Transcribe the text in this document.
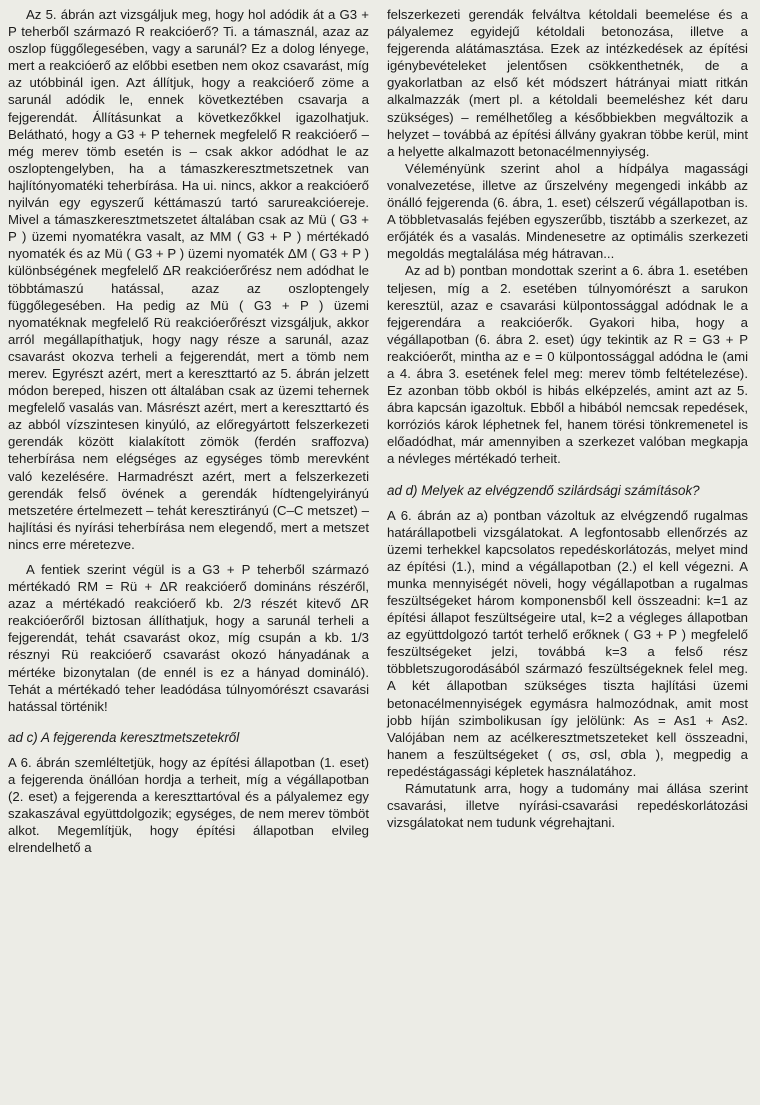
Az 5. ábrán azt vizsgáljuk meg, hogy hol adódik át a G3 + P teherből származó R reakcióerő? Ti. a támasznál, azaz az oszlop függőlegesében, vagy a sarunál? Ez a dolog lényege, mert a reakcióerő az előbbi esetben nem okoz csavarást, míg az utóbbinál igen. Azt állítjuk, hogy a reakcióerő zöme a sarunál adódik le, ennek következtében csavarja a fejgerendát. Állításunkat a következőkkel igazolhatjuk. Belátható, hogy a G3 + P tehernek megfelelő R reakcióerő – még merev tömb esetén is – csak akkor adódhat le az oszloptengelyben, ha a támaszkeresztmetszetnek van hajlítónyomatéki teherbírása. Ha ui. nincs, akkor a reakcióerő nyilván egy egyszerű kéttámaszú tartó sarureakcióereje. Mivel a támaszkeresztmetszetet általában csak az Mü ( G3 + P ) üzemi nyomatékra vasalt, az MM ( G3 + P ) mértékadó nyomaték és az Mü ( G3 + P ) üzemi nyomaték ΔM ( G3 + P ) különbségének megfelelő ΔR reakcióerőrész nem adódhat le többtámaszú hatással, azaz az oszloptengely függőlegesében. Ha pedig az Mü ( G3 + P ) üzemi nyomatéknak megfelelő Rü reakcióerőrészt vizsgáljuk, akkor arról megállapíthatjuk, hogy nagy része a sarunál, azaz csavarást okozva terheli a fejgerendát, mert a tömb nem merev. Egyrészt azért, mert a kereszttartó az 5. ábrán jelzett módon bereped, hiszen ott általában csak az üzemi tehernek megfelelő vasalás van. Másrészt azért, mert a kereszttartó és az abból vízszintesen kinyúló, az előregyártott felszerkezeti gerendák között kialakított zömök (ferdén sraffozva) teherbírása nem elégséges az egységes tömb merevként való kezelésére. Harmadrészt azért, mert a felszerkezeti gerendák felső övének a gerendák hídtengelyirányú metszetére értelmezett – tehát keresztirányú (C–C metszet) – hajlítási és nyírási teherbírása nem elegendő, mert a metszet nincs erre méretezve.

A fentiek szerint végül is a G3 + P teherből származó mértékadó RM = Rü + ΔR reakcióerő domináns részéről, azaz a mértékadó reakcióerő kb. 2/3 részét kitevő ΔR reakcióerőről biztosan állíthatjuk, hogy a sarunál terheli a fejgerendát, tehát csavarást okoz, míg csupán a kb. 1/3 résznyi Rü reakcióerő csavarást okozó hányadának a mértéke bizonytalan (de ennél is ez a hányad domináló). Tehát a mértékadó teher leadódása túlnyomórészt csavarási hatással történik!

ad c) A fejgerenda keresztmetszetekről

A 6. ábrán szemléltetjük, hogy az építési állapotban (1. eset) a fejgerenda önállóan hordja a terheit, míg a végállapotban (2. eset) a fejgerenda a kereszttartóval és a pályalemez egy szakaszával együttdolgozik; egységes, de nem merev tömböt alkot. Megemlítjük, hogy építési állapotban elvileg elrendelhető a

felszerkezeti gerendák felváltva kétoldali beemelése és a pályalemez egyidejű kétoldali betonozása, illetve a fejgerenda alátámasztása. Ezek az intézkedések az építési igénybevételeket jelentősen csökkenthetnék, de a gyakorlatban az első két módszert hátrányai miatt ritkán alkalmazzák (mert pl. a kétoldali beemeléshez két daru szükséges) – remélhetőleg a későbbiekben megváltozik a helyzet – továbbá az építési állvány gyakran többe kerül, mint a helyette alkalmazott betonacélmennyiység.

Véleményünk szerint ahol a hídpálya magassági vonalvezetése, illetve az űrszelvény megengedi inkább az önálló fejgerenda (6. ábra, 1. eset) célszerű végállapotban is. A többletvasalás fejében egyszerűbb, tisztább a szerkezet, az erőjáték és a vasalás. Mindenesetre az optimális szerkezeti megoldás megtalálása még hátravan...

Az ad b) pontban mondottak szerint a 6. ábra 1. esetében teljesen, míg a 2. esetében túlnyomórészt a sarukon keresztül, azaz e csavarási külpontossággal adódnak le a fejgerendára a reakcióerők. Gyakori hiba, hogy a végállapotban (6. ábra 2. eset) úgy tekintik az R = G3 + P reakcióerőt, mintha az e = 0 külpontossággal adódna le (ami a 4. ábra 3. esetének felel meg: merev tömb feltételezése). Ez azonban több okból is hibás elképzelés, amint azt az 5. ábra kapcsán igazoltuk. Ebből a hibából nemcsak repedések, korróziós károk léphetnek fel, hanem törési tönkremenetel is előadódhat, már amennyiben a szerkezet valóban megkapja a névleges mértékadó terheit.

ad d) Melyek az elvégzendő szilárdsági számítások?

A 6. ábrán az a) pontban vázoltuk az elvégzendő rugalmas határállapotbeli vizsgálatokat. A legfontosabb ellenőrzés az üzemi terhekkel kapcsolatos repedéskorlátozás, melyet mind az építési (1.), mind a végállapotban (2.) el kell végezni. A munka mennyiségét növeli, hogy végállapotban a rugalmas feszültségeket három komponensből kell összeadni: k=1 az építési állapot feszültségeire utal, k=2 a végleges állapotban az együttdolgozó tartót terhelő erőknek ( G3 + P ) megfelelő feszültségeket jelzi, továbbá k=3 a felső rész többletszugorodásából származó feszültségeknek felel meg. A két állapotban szükséges tiszta hajlítási üzemi betonacélmennyiségek egymásra halmozódnak, amit most jobb híján szimbolikusan így jelölünk: As = As1 + As2. Valójában nem az acélkeresztmetszeteket kell összeadni, hanem a feszültségeket ( σs, σsl, σbla ), megpedig a repedéstágassági képletek használatához.

Rámutatunk arra, hogy a tudomány mai állása szerint csavarási, illetve nyírási-csavarási repedéskorlátozási vizsgálatokat nem tudunk végrehajtani.
